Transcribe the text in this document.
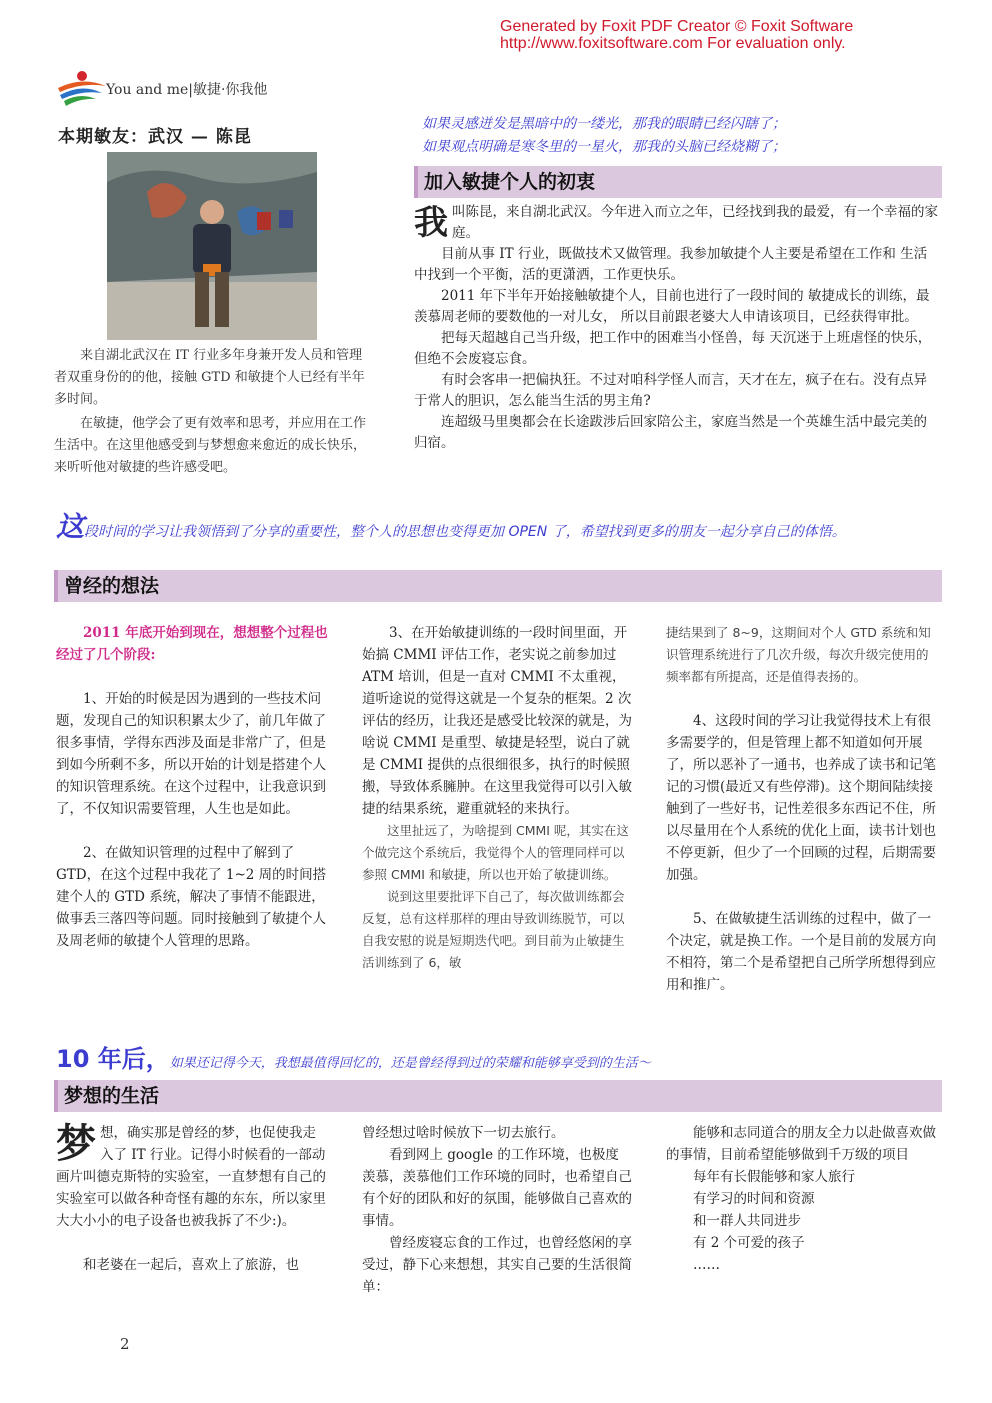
Generated by Foxit PDF Creator © Foxit Software
http://www.foxitsoftware.com For evaluation only.
You and me|敏捷·你我他
本期敏友：武汉 — 陈昆

来自湖北武汉在 IT 行业多年身兼开发人员和管理者双重身份的的他，接触 GTD 和敏捷个人已经有半年多时间。

在敏捷，他学会了更有效率和思考，并应用在工作生活中。在这里他感受到与梦想愈来愈近的成长快乐，来听听他对敏捷的些许感受吧。

如果灵感迸发是黑暗中的一缕光，那我的眼睛已经闪瞎了；
如果观点明确是寒冬里的一星火，那我的头脑已经烧糊了；
加入敏捷个人的初衷

我叫陈昆，来自湖北武汉。今年进入而立之年，已经找到我的最爱，有一个幸福的家庭。

目前从事 IT 行业，既做技术又做管理。我参加敏捷个人主要是希望在工作和 生活中找到一个平衡，活的更潇洒，工作更快乐。

2011 年下半年开始接触敏捷个人，目前也进行了一段时间的 敏捷成长的训练，最羡慕周老师的要数他的一对儿女， 所以目前跟老婆大人申请该项目，已经获得审批。

把每天超越自己当升级，把工作中的困难当小怪兽，每 天沉迷于上班虐怪的快乐，但绝不会废寝忘食。

有时会客串一把偏执狂。不过对咱科学怪人而言，天才在左，疯子在右。没有点异于常人的胆识，怎么能当生活的男主角?

连超级马里奥都会在长途跋涉后回家陪公主，家庭当然是一个英雄生活中最完美的归宿。

这段时间的学习让我领悟到了分享的重要性，整个人的思想也变得更加 OPEN 了，希望找到更多的朋友一起分享自己的体悟。
曾经的想法

2011 年底开始到现在，想想整个过程也经过了几个阶段:

1、开始的时候是因为遇到的一些技术问题，发现自己的知识积累太少了，前几年做了很多事情，学得东西涉及面是非常广了，但是到如今所剩不多，所以开始的计划是搭建个人的知识管理系统。在这个过程中，让我意识到了，不仅知识需要管理，人生也是如此。

2、在做知识管理的过程中了解到了 GTD，在这个过程中我花了 1~2 周的时间搭建个人的 GTD 系统，解决了事情不能跟进，做事丢三落四等问题。同时接触到了敏捷个人及周老师的敏捷个人管理的思路。

3、在开始敏捷训练的一段时间里面，开始搞 CMMI 评估工作，老实说之前参加过 ATM 培训，但是一直对 CMMI 不太重视，道听途说的觉得这就是一个复杂的框架。2 次评估的经历，让我还是感受比较深的就是，为啥说 CMMI 是重型、敏捷是轻型，说白了就是 CMMI 提供的点很细很多，执行的时候照搬，导致体系臃肿。在这里我觉得可以引入敏捷的结果系统，避重就轻的来执行。

这里扯远了，为啥提到 CMMI 呢，其实在这个做完这个系统后，我觉得个人的管理同样可以参照 CMMI 和敏捷，所以也开始了敏捷训练。

说到这里要批评下自己了，每次做训练都会反复，总有这样那样的理由导致训练脱节，可以自我安慰的说是短期迭代吧。到目前为止敏捷生活训练到了 6，敏

捷结果到了 8~9，这期间对个人 GTD 系统和知识管理系统进行了几次升级，每次升级完使用的频率都有所提高，还是值得表扬的。

4、这段时间的学习让我觉得技术上有很多需要学的，但是管理上都不知道如何开展了，所以恶补了一通书，也养成了读书和记笔记的习惯(最近又有些停滞)。这个期间陆续接触到了一些好书，记性差很多东西记不住，所以尽量用在个人系统的优化上面，读书计划也不停更新，但少了一个回顾的过程，后期需要加强。

5、在做敏捷生活训练的过程中，做了一个决定，就是换工作。一个是目前的发展方向不相符，第二个是希望把自己所学所想得到应用和推广。

10 年后，如果还记得今天，我想最值得回忆的，还是曾经得到过的荣耀和能够享受到的生活～
梦想的生活

梦想，确实那是曾经的梦，也促使我走入了 IT 行业。记得小时候看的一部动画片叫德克斯特的实验室，一直梦想有自己的实验室可以做各种奇怪有趣的东东，所以家里大大小小的电子设备也被我拆了不少:)。

和老婆在一起后，喜欢上了旅游，也

曾经想过啥时候放下一切去旅行。

看到网上 google 的工作环境，也极度羡慕，羡慕他们工作环境的同时，也希望自己有个好的团队和好的氛围，能够做自己喜欢的事情。

曾经废寝忘食的工作过，也曾经悠闲的享受过，静下心来想想，其实自己要的生活很简单：

能够和志同道合的朋友全力以赴做喜欢做的事情，目前希望能够做到千万级的项目

每年有长假能够和家人旅行

有学习的时间和资源

和一群人共同进步

有 2 个可爱的孩子

……

2
